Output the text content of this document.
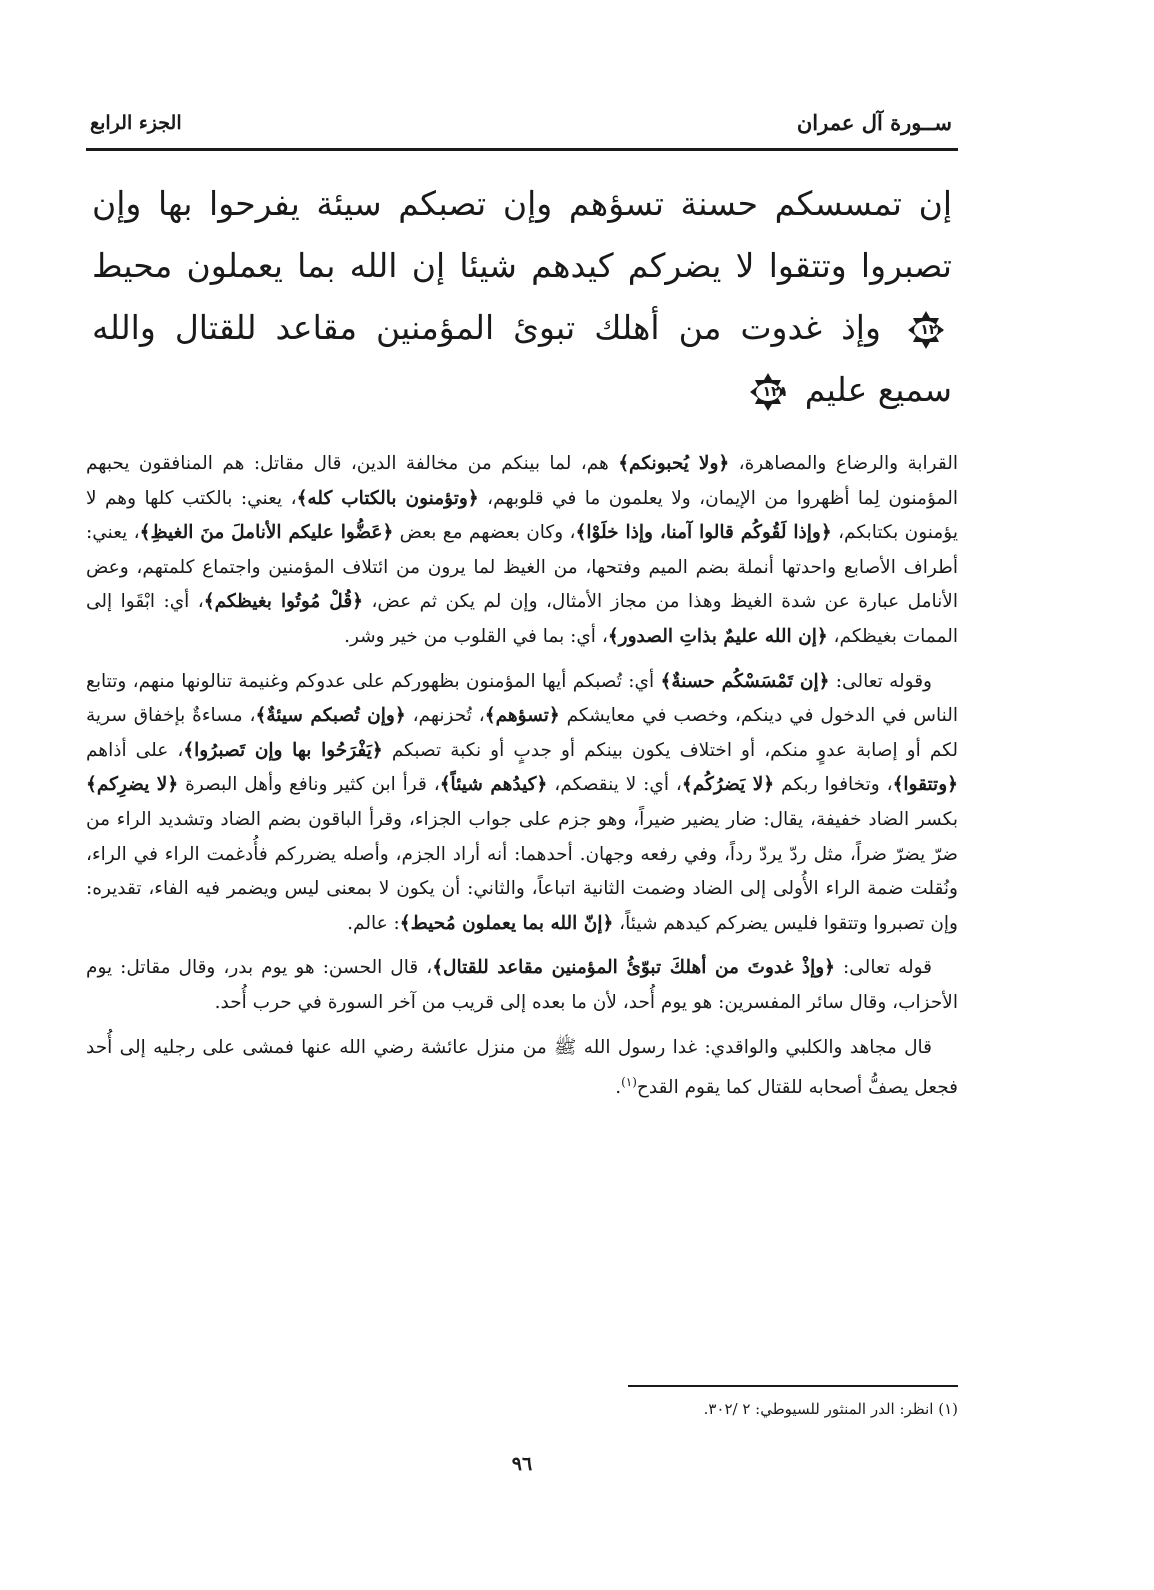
ســورة آل عمران
الجزء الرابع
إن تمسسكم حسنة تسؤهم وإن تصبكم سيئة يفرحوا بها وإن تصبروا وتتقوا لا يضركم كيدهم شيئا إن الله بما يعملون محيط
١٢٠
وإذ غدوت من أهلك تبوئ المؤمنين مقاعد للقتال والله سميع عليم
١٢١

القرابة والرضاع والمصاهرة، ﴿ولا يُحبونكم﴾ هم، لما بينكم من مخالفة الدين، قال مقاتل: هم المنافقون يحبهم المؤمنون لِما أظهروا من الإيمان، ولا يعلمون ما في قلوبهم، ﴿وتؤمنون بالكتاب كله﴾، يعني: بالكتب كلها وهم لا يؤمنون بكتابكم، ﴿وإذا لَقُوكُم قالوا آمنا، وإذا خلَوْا﴾، وكان بعضهم مع بعض ﴿عَضُّوا عليكم الأناملَ منَ الغيظِ﴾، يعني: أطراف الأصابع واحدتها أنملة بضم الميم وفتحها، من الغيظ لما يرون من ائتلاف المؤمنين واجتماع كلمتهم، وعض الأنامل عبارة عن شدة الغيظ وهذا من مجاز الأمثال، وإن لم يكن ثم عض، ﴿قُلْ مُوتُوا بغيظكم﴾، أي: ابْقَوا إلى الممات بغيظكم، ﴿إن الله عليمٌ بذاتِ الصدور﴾، أي: بما في القلوب من خير وشر.

وقوله تعالى: ﴿إن تَمْسَسْكُم حسنةٌ﴾ أي: تُصبكم أيها المؤمنون بظهوركم على عدوكم وغنيمة تنالونها منهم، وتتابع الناس في الدخول في دينكم، وخصب في معايشكم ﴿تسؤهم﴾، تُحزنهم، ﴿وإن تُصبكم سيئةٌ﴾، مساءةٌ بإخفاق سرية لكم أو إصابة عدوٍ منكم، أو اختلاف يكون بينكم أو جدبٍ أو نكبة تصبكم ﴿يَفْرَحُوا بها وإن تَصبرُوا﴾، على أذاهم ﴿وتتقوا﴾، وتخافوا ربكم ﴿لا يَضرُكُم﴾، أي: لا ينقصكم، ﴿كيدُهم شيئاً﴾، قرأ ابن كثير ونافع وأهل البصرة ﴿لا يضرِكم﴾ بكسر الضاد خفيفة، يقال: ضار يضير ضيراً، وهو جزم على جواب الجزاء، وقرأ الباقون بضم الضاد وتشديد الراء من ضرّ يضرّ ضراً، مثل ردّ يردّ رداً، وفي رفعه وجهان. أحدهما: أنه أراد الجزم، وأصله يضرركم فأُدغمت الراء في الراء، ونُقلت ضمة الراء الأُولى إلى الضاد وضمت الثانية اتباعاً، والثاني: أن يكون لا بمعنى ليس ويضمر فيه الفاء، تقديره: وإن تصبروا وتتقوا فليس يضركم كيدهم شيئاً، ﴿إنّ الله بما يعملون مُحيط﴾: عالم.

قوله تعالى: ﴿وإذْ غدوتَ من أهلكَ تبوّئُ المؤمنين مقاعد للقتال﴾، قال الحسن: هو يوم بدر، وقال مقاتل: يوم الأحزاب، وقال سائر المفسرين: هو يوم أُحد، لأن ما بعده إلى قريب من آخر السورة في حرب أُحد.

قال مجاهد والكلبي والواقدي: غدا رسول الله ﷺ من منزل عائشة رضي الله عنها فمشى على رجليه إلى أُحد فجعل يصفُّ أصحابه للقتال كما يقوم القدح$^{(١)}$.

(١) انظر: الدر المنثور للسيوطي: ٢ /٣٠٢.
٩٦
